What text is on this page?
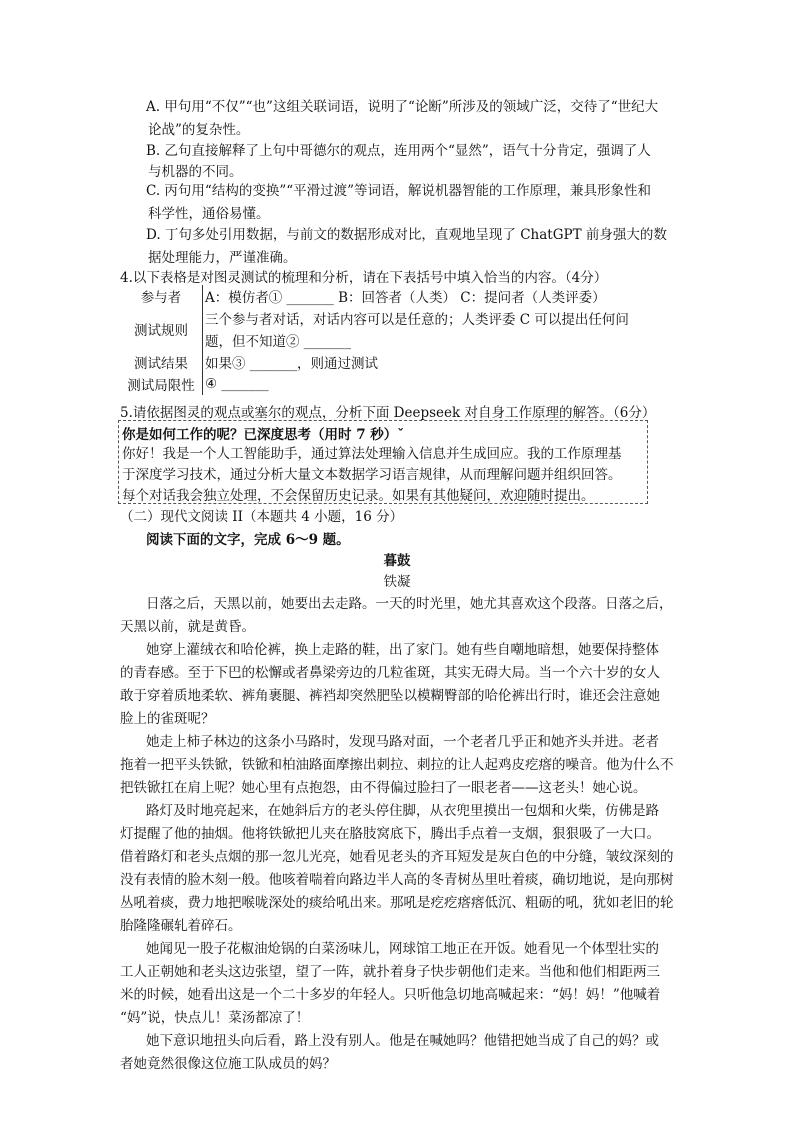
A. 甲句用“不仅”“也”这组关联词语，说明了“论断”所涉及的领域广泛，交待了“世纪大
论战”的复杂性。
B. 乙句直接解释了上句中哥德尔的观点，连用两个“显然”，语气十分肯定，强调了人
与机器的不同。
C. 丙句用“结构的变换”“平滑过渡”等词语，解说机器智能的工作原理，兼具形象性和
科学性，通俗易懂。
D. 丁句多处引用数据，与前文的数据形成对比，直观地呈现了 ChatGPT 前身强大的数
据处理能力，严谨准确。
4.以下表格是对图灵测试的梳理和分析，请在下表括号中填入恰当的内容。（4分）
参与者	A：模仿者① _______ B：回答者（人类） C：提问者（人类评委）
测试规则	三个参与者对话，对话内容可以是任意的；人类评委 C 可以提出任何问
	题，但不知道② _______
测试结果	如果③ _______，则通过测试
测试局限性	④ _______
5.请依据图灵的观点或塞尔的观点，分析下面 Deepseek 对自身工作原理的解答。（6分）
你是如何工作的呢？已深度思考（用时 7 秒）ˇ
你好！我是一个人工智能助手，通过算法处理输入信息并生成回应。我的工作原理基
于深度学习技术，通过分析大量文本数据学习语言规律，从而理解问题并组织回答。
每个对话我会独立处理，不会保留历史记录。如果有其他疑问，欢迎随时提出。
（二）现代文阅读 II（本题共 4 小题，16 分）
阅读下面的文字，完成 6～9 题。
暮鼓
铁凝
日落之后，天黑以前，她要出去走路。一天的时光里，她尤其喜欢这个段落。日落之后，
天黑以前，就是黄昏。
她穿上灌绒衣和哈伦裤，换上走路的鞋，出了家门。她有些自嘲地暗想，她要保持整体
的青春感。至于下巴的松懈或者鼻梁旁边的几粒雀斑，其实无碍大局。当一个六十岁的女人
敢于穿着质地柔软、裤角裹腿、裤裆却突然肥坠以模糊臀部的哈伦裤出行时，谁还会注意她
脸上的雀斑呢？
她走上柿子林边的这条小马路时，发现马路对面，一个老者几乎正和她齐头并进。老者
拖着一把平头铁锨，铁锨和柏油路面摩擦出刺拉、刺拉的让人起鸡皮疙瘩的噪音。他为什么不
把铁锨扛在肩上呢？她心里有点抱怨，由不得偏过脸扫了一眼老者——这老头！她心说。
路灯及时地亮起来，在她斜后方的老头停住脚，从衣兜里摸出一包烟和火柴，仿佛是路
灯提醒了他的抽烟。他将铁锨把儿夹在胳肢窝底下，腾出手点着一支烟，狠狠吸了一大口。
借着路灯和老头点烟的那一忽儿光亮，她看见老头的齐耳短发是灰白色的中分缝，皱纹深刻的
没有表情的脸木刻一般。他咳着喘着向路边半人高的冬青树丛里吐着痰，确切地说，是向那树
丛吼着痰，费力地把喉咙深处的痰给吼出来。那吼是疙疙瘩瘩低沉、粗砺的吼，犹如老旧的轮
胎隆隆碾轧着碎石。
她闻见一股子花椒油炝锅的白菜汤味儿，网球馆工地正在开饭。她看见一个体型壮实的
工人正朝她和老头这边张望，望了一阵，就扑着身子快步朝他们走来。当他和他们相距两三
米的时候，她看出这是一个二十多岁的年轻人。只听他急切地高喊起来：“妈！妈！”他喊着
“妈”说，快点儿！菜汤都凉了！
她下意识地扭头向后看，路上没有别人。他是在喊她吗？他错把她当成了自己的妈？或
者她竟然很像这位施工队成员的妈？
